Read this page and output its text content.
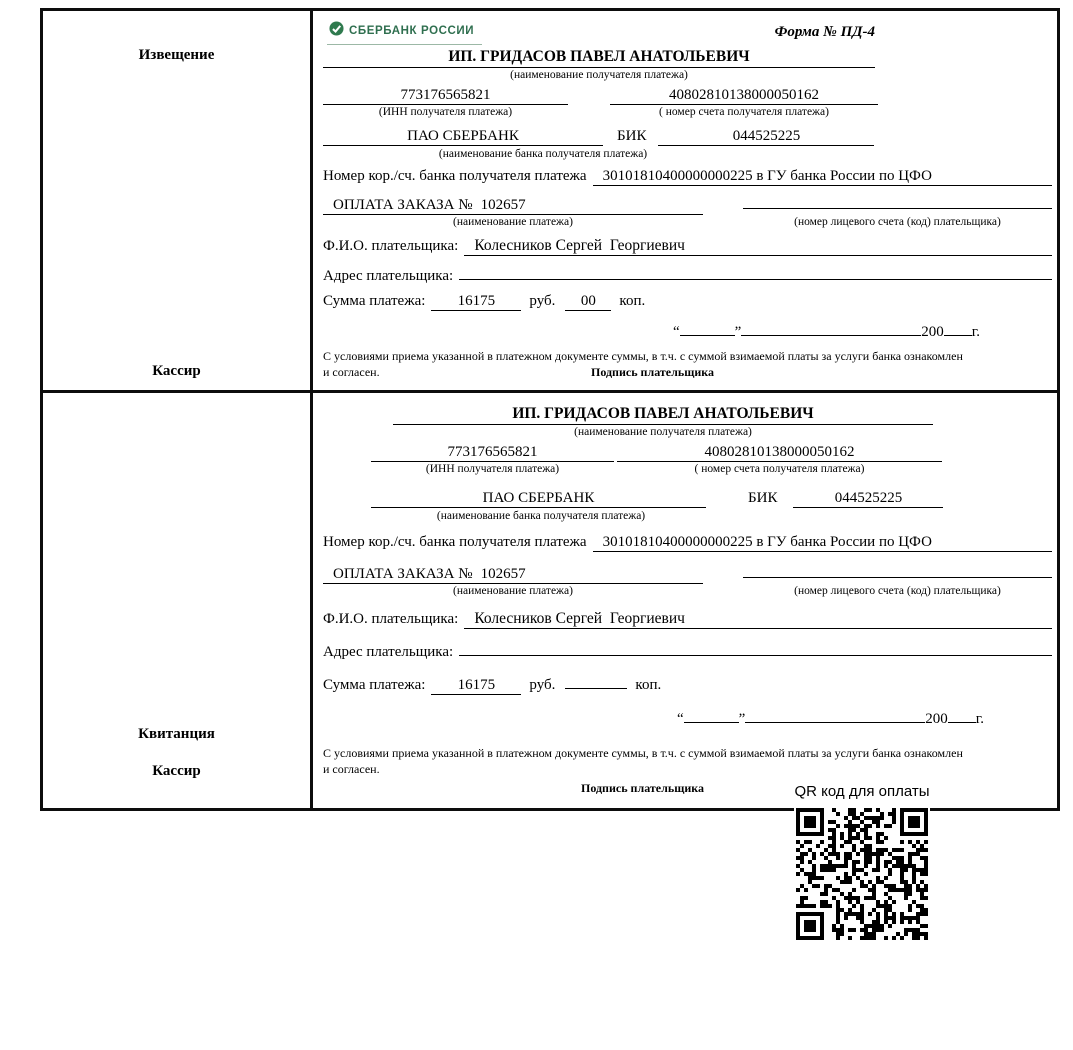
Извещение
Кассир
СБЕРБАНК РОССИИ	Форма № ПД-4
ИП. ГРИДАСОВ ПАВЕЛ АНАТОЛЬЕВИЧ
(наименование получателя платежа)
773176565821	40802810138000050162
(ИНН получателя платежа)	( номер счета получателя платежа)
ПАО СБЕРБАНК	БИК	044525225
(наименование банка получателя платежа)
Номер кор./сч. банка получателя платежа	30101810400000000225 в ГУ банка России по ЦФО
ОПЛАТА ЗАКАЗА № 102657
(наименование платежа)	(номер лицевого счета (код) плательщика)
Ф.И.О. плательщика:	Колесников Сергей  Георгиевич
Адрес плательщика:
Сумма платежа:	16175	руб.	00	коп.
“	”	200 г.
С условиями приема указанной в платежном документе суммы, в т.ч. с суммой взимаемой платы за услуги банка ознакомлен и согласен.	Подпись плательщика
Квитанция
Кассир
ИП. ГРИДАСОВ ПАВЕЛ АНАТОЛЬЕВИЧ
(наименование получателя платежа)
773176565821	40802810138000050162
(ИНН получателя платежа)	( номер счета получателя платежа)
ПАО СБЕРБАНК	БИК	044525225
(наименование банка получателя платежа)
Номер кор./сч. банка получателя платежа	30101810400000000225 в ГУ банка России по ЦФО
ОПЛАТА ЗАКАЗА № 102657
(наименование платежа)	(номер лицевого счета (код) плательщика)
Ф.И.О. плательщика:	Колесников Сергей  Георгиевич
Адрес плательщика:
Сумма платежа:	16175	руб.	коп.
“	”	200 г.
С условиями приема указанной в платежном документе суммы, в т.ч. с суммой взимаемой платы за услуги банка ознакомлен и согласен.
Подпись плательщика	QR код для оплаты
